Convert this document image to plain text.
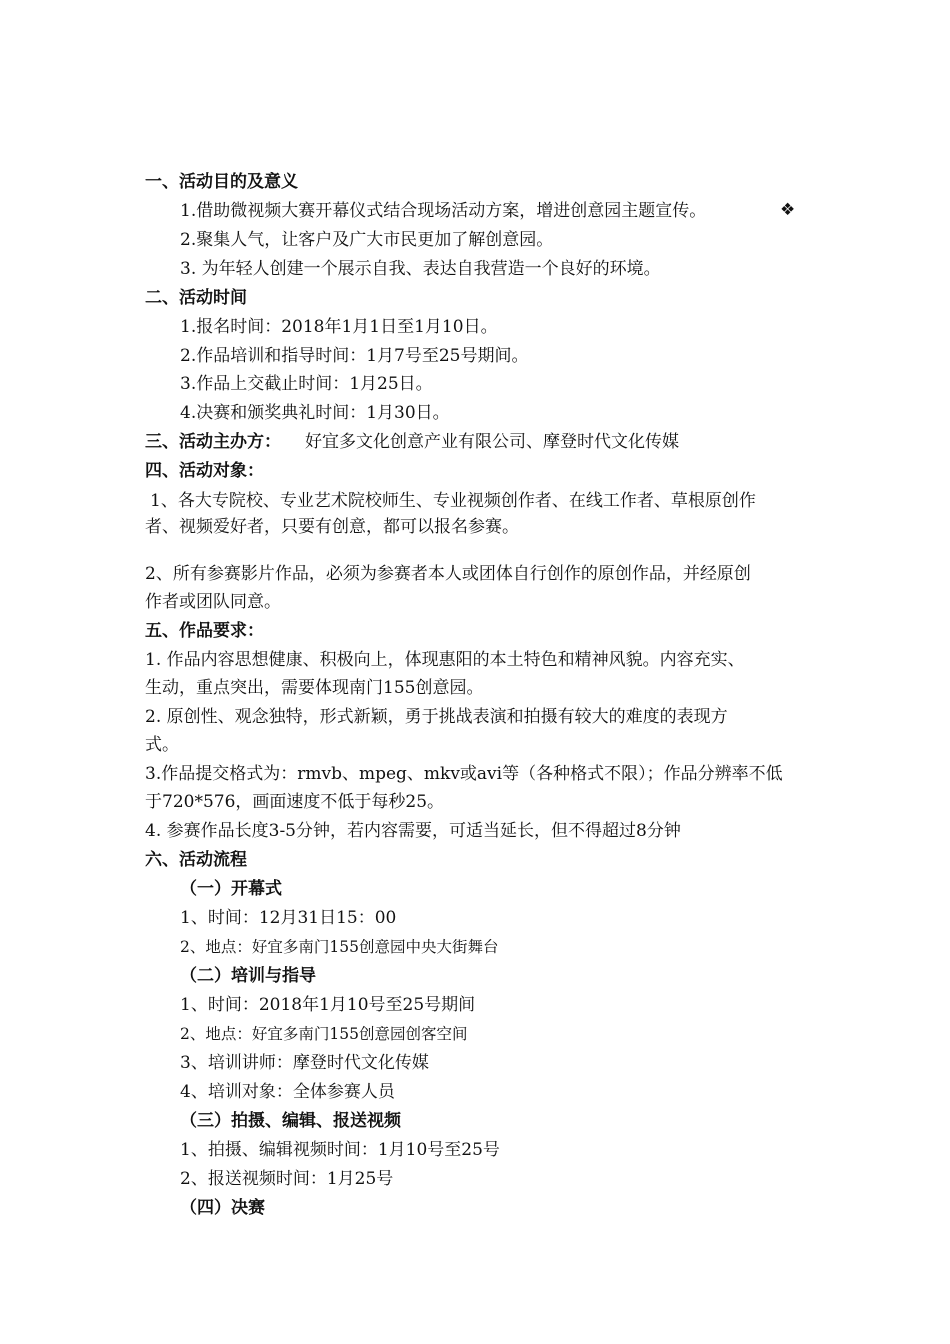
一、活动目的及意义
1.借助微视频大赛开幕仪式结合现场活动方案，增进创意园主题宣传。	❖
2.聚集人气，让客户及广大市民更加了解创意园。
3. 为年轻人创建一个展示自我、表达自我营造一个良好的环境。
二、活动时间
1.报名时间：2018年1月1日至1月10日。
2.作品培训和指导时间：1月7号至25号期间。
3.作品上交截止时间：1月25日。
4.决赛和颁奖典礼时间：1月30日。
三、活动主办方： 好宜多文化创意产业有限公司、摩登时代文化传媒
四、活动对象：
1、各大专院校、专业艺术院校师生、专业视频创作者、在线工作者、草根原创作
者、视频爱好者，只要有创意，都可以报名参赛。
2、所有参赛影片作品，必须为参赛者本人或团体自行创作的原创作品，并经原创
作者或团队同意。
五、作品要求：
1. 作品内容思想健康、积极向上，体现惠阳的本土特色和精神风貌。内容充实、
生动，重点突出，需要体现南门155创意园。
2. 原创性、观念独特，形式新颖，勇于挑战表演和拍摄有较大的难度的表现方
式。
3.作品提交格式为：rmvb、mpeg、mkv或avi等（各种格式不限）；作品分辨率不低
于720*576，画面速度不低于每秒25。
4. 参赛作品长度3-5分钟，若内容需要，可适当延长，但不得超过8分钟
六、活动流程
（一）开幕式
1、时间：12月31日15：00
2、地点：好宜多南门155创意园中央大街舞台
（二）培训与指导
1、时间：2018年1月10号至25号期间
2、地点：好宜多南门155创意园创客空间
3、培训讲师：摩登时代文化传媒
4、培训对象：全体参赛人员
（三）拍摄、编辑、报送视频
1、拍摄、编辑视频时间：1月10号至25号
2、报送视频时间：1月25号
（四）决赛
